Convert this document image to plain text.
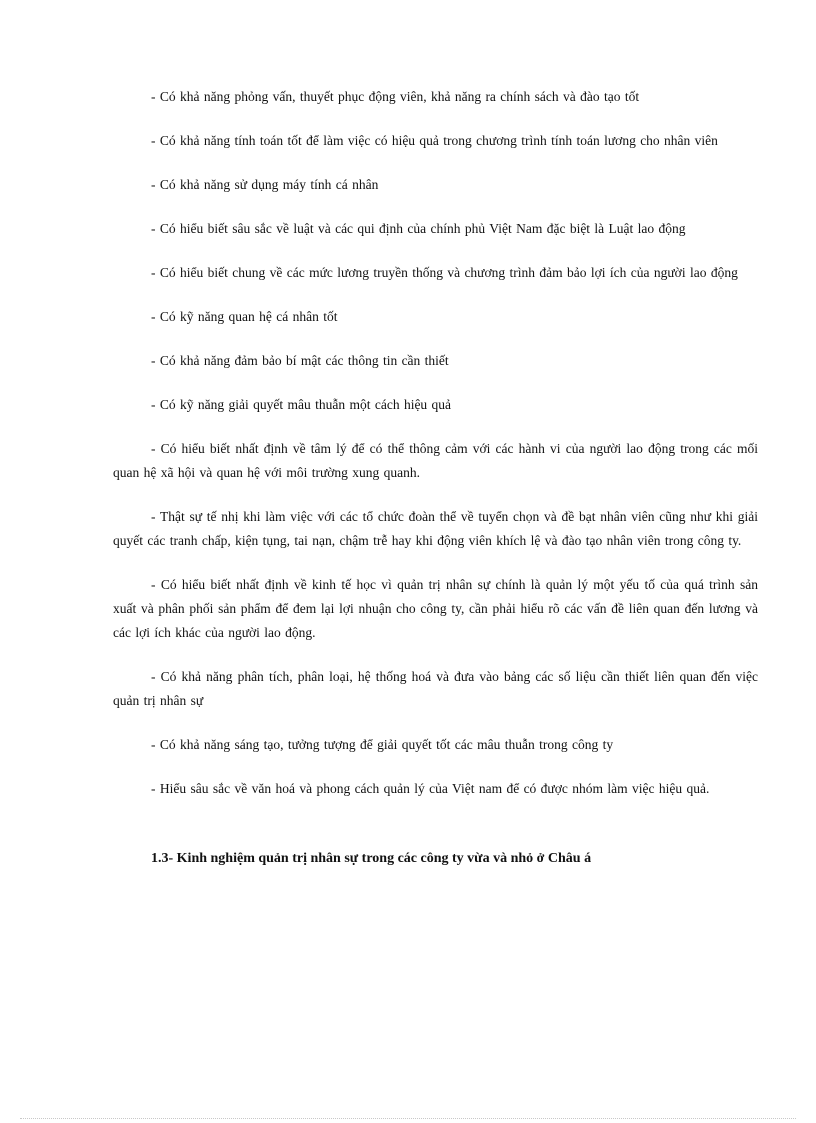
- Có khả năng phỏng vấn, thuyết phục động viên, khả năng ra chính sách và đào tạo tốt

- Có khả năng tính toán tốt để làm việc có hiệu quả trong chương trình tính toán lương cho nhân viên

- Có khả năng sử dụng máy tính cá nhân

- Có hiểu biết sâu sắc về luật và các qui định của chính phủ Việt Nam đặc biệt là Luật lao động

- Có hiểu biết chung về các mức lương truyền thống và chương trình đảm bảo lợi ích của người lao động

- Có kỹ năng quan hệ cá nhân tốt

- Có khả năng đảm bảo bí mật các thông tin cần thiết

- Có kỹ năng giải quyết mâu thuẫn một cách hiệu quả

- Có hiểu biết nhất định về tâm lý để có thể thông cảm với các hành vi của người lao động trong các mối quan hệ xã hội và quan hệ với môi trường xung quanh.

- Thật sự tế nhị khi làm việc với các tổ chức đoàn thể về tuyển chọn và đề bạt nhân viên cũng như khi giải quyết các tranh chấp, kiện tụng, tai nạn, chậm trễ hay khi động viên khích lệ và đào tạo nhân viên trong công ty.

- Có hiểu biết nhất định về kinh tế học vì quản trị nhân sự chính là quản lý một yếu tố của quá trình sản xuất và phân phối sản phẩm để đem lại lợi nhuận cho công ty, cần phải hiểu rõ các vấn đề liên quan đến lương và các lợi ích khác của người lao động.

- Có khả năng phân tích, phân loại, hệ thống hoá và đưa vào bảng các số liệu cần thiết liên quan đến việc quản trị nhân sự

- Có khả năng sáng tạo, tưởng tượng để giải quyết tốt các mâu thuẫn trong công ty

- Hiểu sâu sắc về văn hoá và phong cách quản lý của Việt nam để có được nhóm làm việc hiệu quả.

1.3- Kinh nghiệm quản trị nhân sự trong các công ty vừa và nhỏ ở Châu á
